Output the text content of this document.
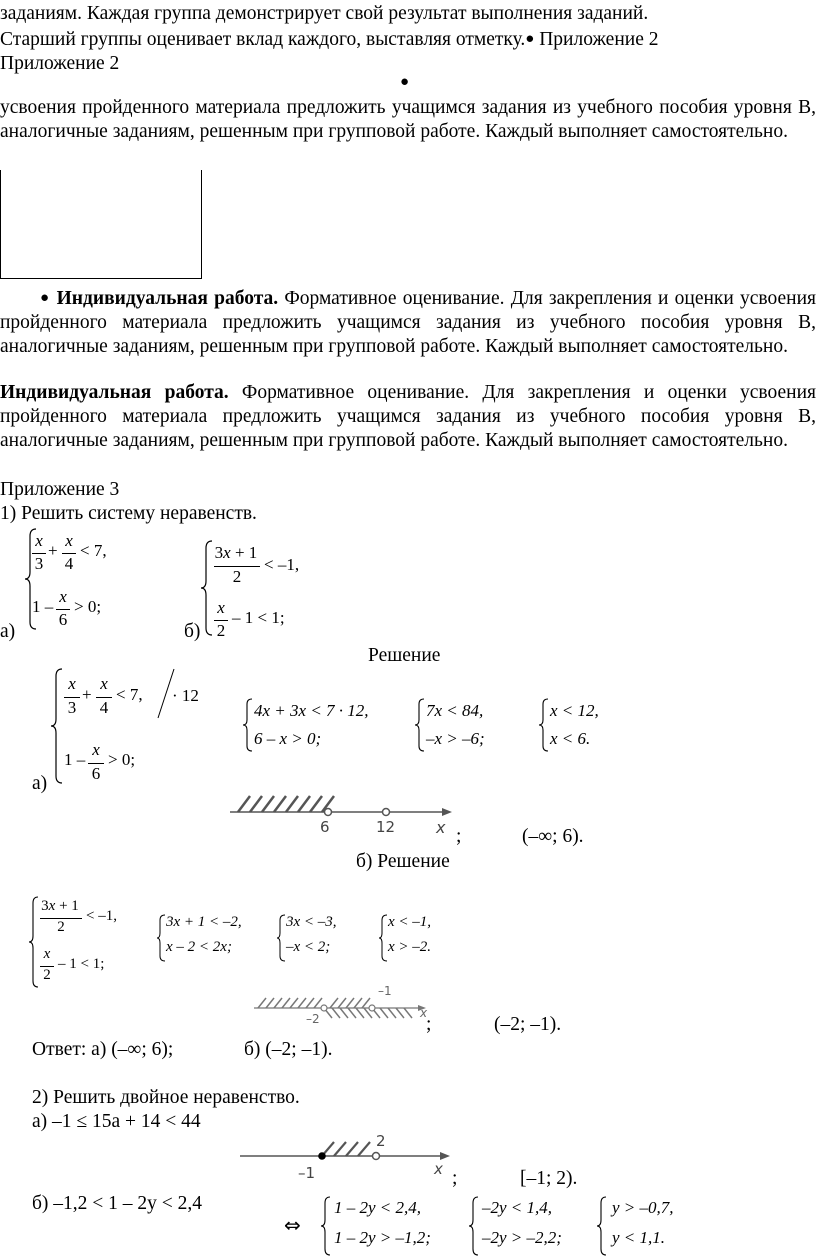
заданиям. Каждая группа демонстрирует свой результат выполнения заданий.
Старший группы оценивает вклад каждого, выставляя отметку.● Приложение 2
Приложение 2
●
усвоения пройденного материала предложить учащимся задания из учебного пособия уровня В, аналогичные заданиям, решенным при групповой работе. Каждый выполняет самостоятельно.
● Индивидуальная работа. Формативное оценивание. Для закрепления и оценки усвоения пройденного материала предложить учащимся задания из учебного пособия уровня В, аналогичные заданиям, решенным при групповой работе. Каждый выполняет самостоятельно.
Индивидуальная работа. Формативное оценивание. Для закрепления и оценки усвоения пройденного материала предложить учащимся задания из учебного пособия уровня В, аналогичные заданиям, решенным при групповой работе. Каждый выполняет самостоятельно.
Приложение 3
1) Решить систему неравенств.
x
3
+
x
4
< 7,
1 –
x
6
> 0;
а)
3x + 1
2
< –1,
x
2
– 1 < 1;
б)
Решение
x
3
+
x
4
< 7, · 12
1 –
x
6
> 0;
а)
4x + 3x < 7 · 12,
6 – x > 0;
7x < 84,
–x > –6;
x < 12,
x < 6.
6	12	x ;	(–∞; 6).
б) Решение
3x + 1
2
< –1,
x
2
– 1 < 1;
3x + 1 < –2,
x – 2 < 2x;
3x < –3,
–x < 2;
x < –1,
x > –2.
–2
–1
x
;	(–2; –1).
Ответ: а) (–∞; 6);	б) (–2; –1).
2) Решить двойное неравенство.
а) –1 ≤ 15a + 14 < 44
–1
2
x ;	[–1; 2).
б) –1,2 < 1 – 2y < 2,4
⇔
1 – 2y < 2,4,
1 – 2y > –1,2;
–2y < 1,4,
–2y > –2,2;
y > –0,7,
y < 1,1.
